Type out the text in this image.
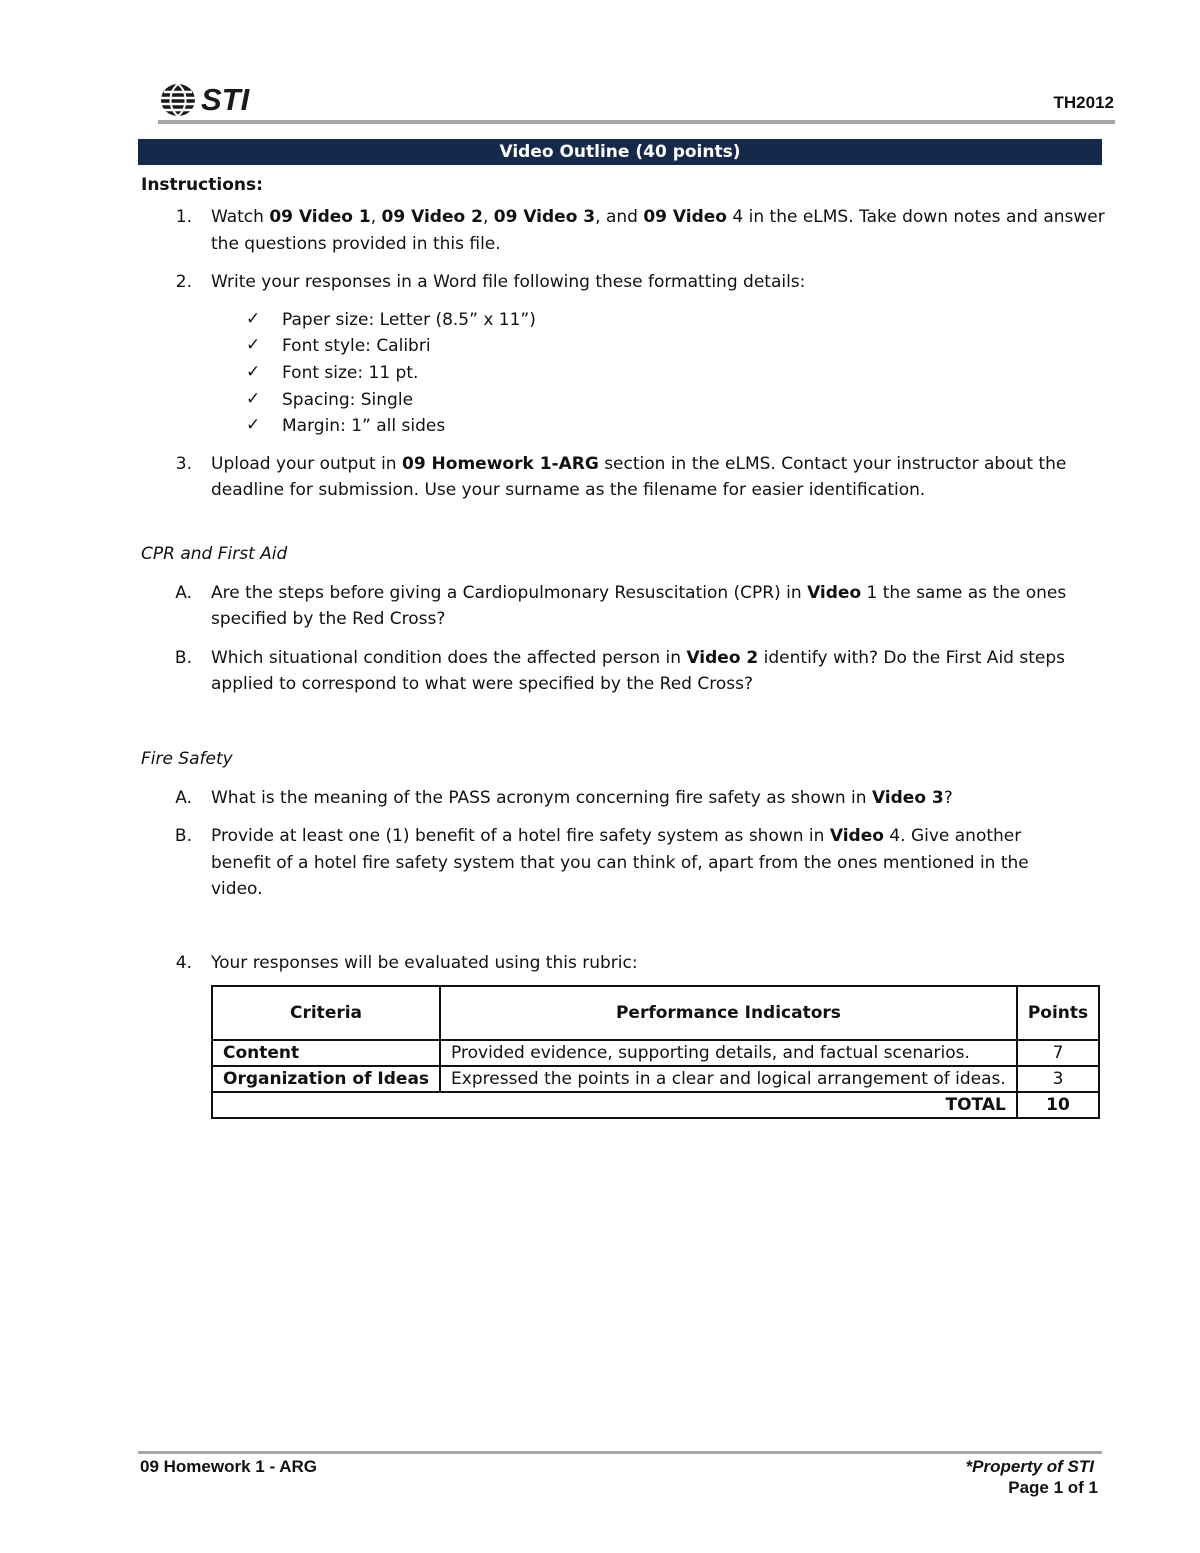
STI	TH2012
Video Outline (40 points)
Instructions:
1. Watch 09 Video 1, 09 Video 2, 09 Video 3, and 09 Video 4 in the eLMS. Take down notes and answer
the questions provided in this file.
2. Write your responses in a Word file following these formatting details:
✓ Paper size: Letter (8.5” x 11”)
✓ Font style: Calibri
✓ Font size: 11 pt.
✓ Spacing: Single
✓ Margin: 1” all sides
3. Upload your output in 09 Homework 1-ARG section in the eLMS. Contact your instructor about the
deadline for submission. Use your surname as the filename for easier identification.
CPR and First Aid
A. Are the steps before giving a Cardiopulmonary Resuscitation (CPR) in Video 1 the same as the ones
specified by the Red Cross?
B. Which situational condition does the affected person in Video 2 identify with? Do the First Aid steps
applied to correspond to what were specified by the Red Cross?
Fire Safety
A. What is the meaning of the PASS acronym concerning fire safety as shown in Video 3?
B. Provide at least one (1) benefit of a hotel fire safety system as shown in Video 4. Give another
benefit of a hotel fire safety system that you can think of, apart from the ones mentioned in the
video.
4. Your responses will be evaluated using this rubric:
Criteria	Performance Indicators	Points
Content	Provided evidence, supporting details, and factual scenarios.	7
Organization of Ideas	Expressed the points in a clear and logical arrangement of ideas.	3
TOTAL		10
09 Homework 1 - ARG	*Property of STI
Page 1 of 1
